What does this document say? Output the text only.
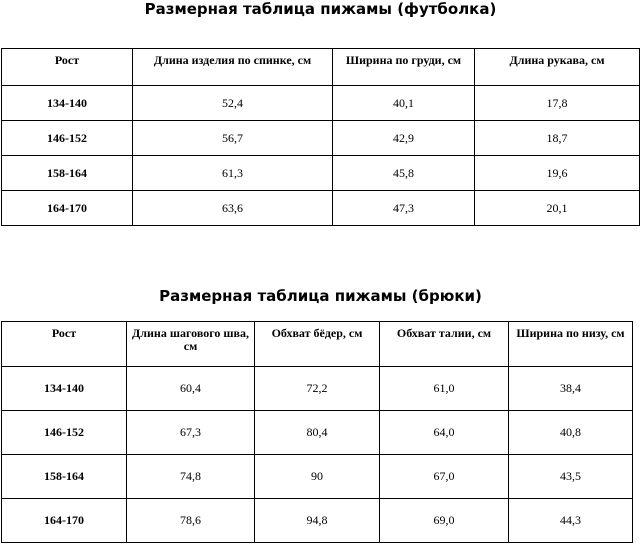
Размерная таблица пижамы (футболка)
Рост	Длина изделия по спинке, см	Ширина по груди, см	Длина рукава, см
134-140	52,4	40,1	17,8
146-152	56,7	42,9	18,7
158-164	61,3	45,8	19,6
164-170	63,6	47,3	20,1
Размерная таблица пижамы (брюки)
Рост	Длина шагового шва, см	Обхват бёдер, см	Обхват талии, см	Ширина по низу, см
134-140	60,4	72,2	61,0	38,4
146-152	67,3	80,4	64,0	40,8
158-164	74,8	90	67,0	43,5
164-170	78,6	94,8	69,0	44,3
